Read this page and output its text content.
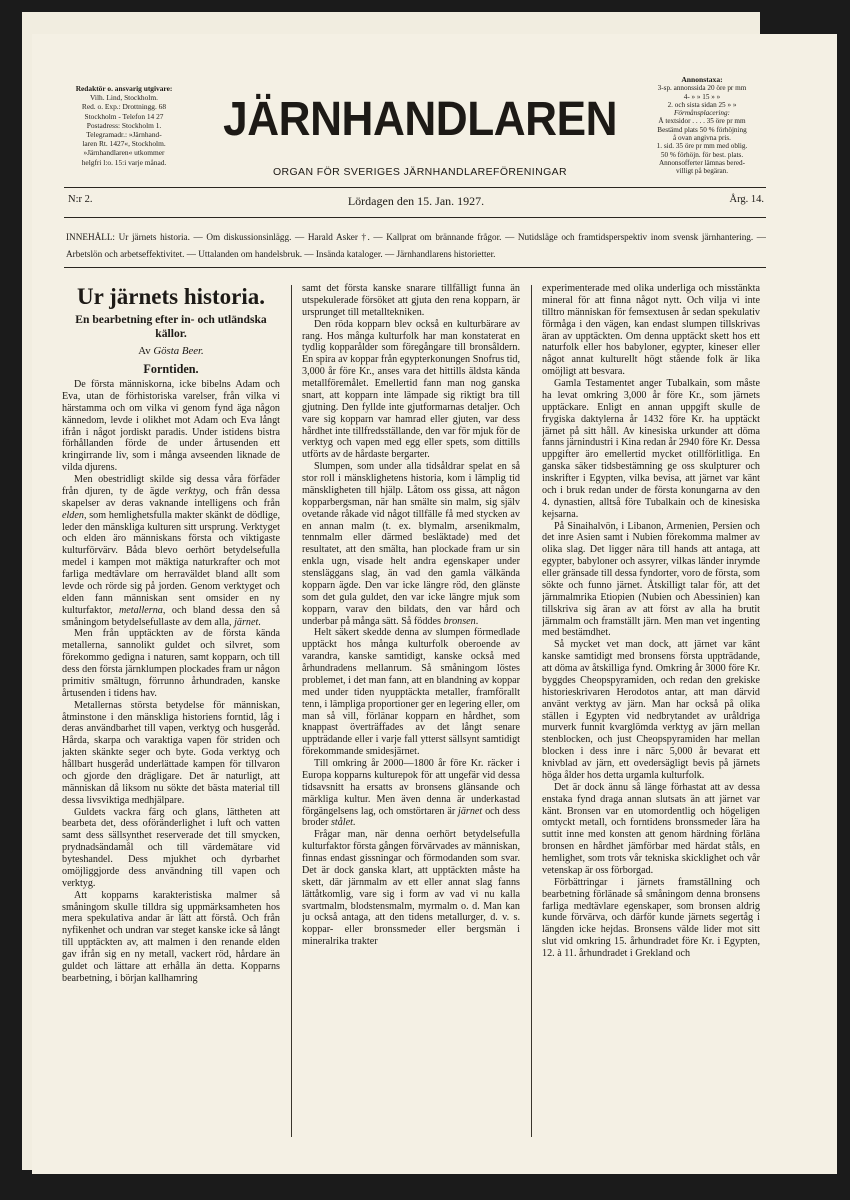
Redaktör o. ansvarig utgivare:
Vilh. Lind, Stockholm.
Red. o. Exp.: Drottningg. 68
Stockholm - Telefon 14 27
Postadress: Stockholm 1.
Telegramadr.: »Järnhand-
laren Rt. 1427«, Stockholm.
»Järnhandlaren« utkommer
helgfri l:o. 15:i varje månad.
JÄRNHANDLAREN
ORGAN FÖR SVERIGES JÄRNHANDLAREFÖRENINGAR
Annonstaxa:
3-sp. annonssida 20 öre pr mm
4- » » 15 » »
2. och sista sidan 25 » »
Förmånsplacering:
Å textsidor . . . . 35 öre pr mm
Bestämd plats 50 % förhöjning
å ovan angivna pris.
1. sid. 35 öre pr mm med oblig.
50 % förhöjn. för best. plats.
Annonsofferter lämnas bered-
villigt på begäran.
N:r 2.	Lördagen den 15. Jan. 1927.	Årg. 14.
INNEHÅLL: Ur järnets historia. — Om diskussionsinlägg. — Harald Asker †. — Kallprat om brännande frågor. — Nutidsläge och framtidsperspektiv inom svensk järnhantering. — Arbetslön och arbetseffektivitet. — Uttalanden om handelsbruk. — Insända kataloger. — Järnhandlarens historietter.
Ur järnets historia.
En bearbetning efter in- och utländska källor.
Av Gösta Beer.
Forntiden.

De första människorna, icke bibelns Adam och Eva, utan de förhistoriska varelser, från vilka vi härstamma och om vilka vi genom fynd äga någon kännedom, levde i olikhet mot Adam och Eva långt ifrån i något jordiskt paradis. Under istidens bistra förhållanden förde de under årtusenden ett kringirrande liv, som i många avseenden liknade de vilda djurens.

Men obestridligt skilde sig dessa våra förfäder från djuren, ty de ägde verktyg, och från dessa skapelser av deras vaknande intelligens och från elden, som hemlighetsfulla makter skänkt de dödlige, leder den mänskliga kulturen sitt ursprung. Verktyget och elden äro människans första och viktigaste kulturförvärv. Båda blevo oerhört betydelsefulla medel i kampen mot mäktiga naturkrafter och mot farliga medtävlare om herraväldet bland allt som levde och rörde sig på jorden. Genom verktyget och elden fann människan sent omsider en ny kulturfaktor, metallerna, och bland dessa den så småningom betydelsefullaste av dem alla, järnet.

Men från upptäckten av de första kända metallerna, sannolikt guldet och silvret, som förekommo gedigna i naturen, samt kopparn, och till dess den första järnklumpen plockades fram ur någon primitiv smältugn, förrunno århundraden, kanske årtusenden i tidens hav.

Metallernas största betydelse för människan, åtminstone i den mänskliga historiens forntid, låg i deras användbarhet till vapen, verktyg och husgeråd. Hårda, skarpa och varaktiga vapen för striden och jakten skänkte seger och byte. Goda verktyg och hållbart husgeråd underlättade kampen för tillvaron och gjorde den drägligare. Det är naturligt, att människan då liksom nu sökte det bästa material till dessa livsviktiga medhjälpare.

Guldets vackra färg och glans, lättheten att bearbeta det, dess oföränderlighet i luft och vatten samt dess sällsynthet reserverade det till smycken, prydnadsändamål och till värdemätare vid byteshandel. Dess mjukhet och dyrbarhet omöjliggjorde dess användning till vapen och verktyg.

Att kopparns karakteristiska malmer så småningom skulle tilldra sig uppmärksamheten hos mera spekulativa andar är lätt att förstå. Och från nyfikenhet och undran var steget kanske icke så långt till upptäckten av, att malmen i den renande elden gav ifrån sig en ny metall, vackert röd, hårdare än guldet och lättare att erhålla än detta. Kopparns bearbetning, i början kallhamring

samt det första kanske snarare tillfälligt funna än utspekulerade försöket att gjuta den rena kopparn, är ursprunget till metalltekniken.

Den röda kopparn blev också en kulturbärare av rang. Hos många kulturfolk har man konstaterat en tydlig kopparålder som föregångare till bronsåldern. En spira av koppar från egypterkonungen Snofrus tid, 3,000 år före Kr., anses vara det hittills äldsta kända metallföremålet. Emellertid fann man nog ganska snart, att kopparn inte lämpade sig riktigt bra till gjutning. Den fyllde inte gjutformarnas detaljer. Och vare sig kopparn var hamrad eller gjuten, var dess hårdhet inte tillfredsställande, den var för mjuk för de verktyg och vapen med egg eller spets, som dittills utförts av de hårdaste bergarter.

Slumpen, som under alla tidsåldrar spelat en så stor roll i mänsklighetens historia, kom i lämplig tid mänskligheten till hjälp. Låtom oss gissa, att någon kopparbergsman, när han smälte sin malm, sig själv ovetande råkade vid något tillfälle få med stycken av en annan malm (t. ex. blymalm, arsenikmalm, tennmalm eller därmed besläktade) med det resultatet, att den smälta, han plockade fram ur sin enkla ugn, visade helt andra egenskaper under stensläggans slag, än vad den gamla välkända kopparn ägde. Den var icke längre röd, den glänste som det gula guldet, den var icke längre mjuk som kopparn, varav den bildats, den var hård och underbar på många sätt. Så föddes bronsen.

Helt säkert skedde denna av slumpen förmedlade upptäckt hos många kulturfolk oberoende av varandra, kanske samtidigt, kanske också med århundradens mellanrum. Så småningom löstes problemet, i det man fann, att en blandning av koppar med under tiden nyupptäckta metaller, framförallt tenn, i lämpliga proportioner ger en legering eller, om man så vill, förlänar kopparn en hårdhet, som knappast överträffades av det långt senare uppträdande eller i varje fall ytterst sällsynt samtidigt förekommande smidesjärnet.

Till omkring år 2000—1800 år före Kr. räcker i Europa kopparns kulturepok för att ungefär vid dessa tidsavsnitt ha ersatts av bronsens glänsande och märkliga kultur. Men även denna är underkastad förgängelsens lag, och omstörtaren är järnet och dess broder stålet.

Frågar man, när denna oerhört betydelsefulla kulturfaktor första gången förvärvades av människan, finnas endast gissningar och förmodanden som svar. Det är dock ganska klart, att upptäckten måste ha skett, där järnmalm av ett eller annat slag fanns lättåtkomlig, vare sig i form av vad vi nu kalla svartmalm, blodstensmalm, myrmalm o. d. Man kan ju också antaga, att den tidens metallurger, d. v. s. koppar- eller bronssmeder eller bergsmän i mineralrika trakter

experimenterade med olika underliga och misstänkta mineral för att finna något nytt. Och vilja vi inte tilltro människan för femsextusen år sedan spekulativ förmåga i den vägen, kan endast slumpen tillskrivas äran av upptäckten. Om denna upptäckt skett hos ett naturfolk eller hos babyloner, egypter, kineser eller något annat kulturellt högt stående folk är lika omöjligt att besvara.

Gamla Testamentet anger Tubalkain, som måste ha levat omkring 3,000 år före Kr., som järnets upptäckare. Enligt en annan uppgift skulle de frygiska daktylerna år 1432 före Kr. ha upptäckt järnet på sitt håll. Av kinesiska urkunder att döma fanns järnindustri i Kina redan år 2940 före Kr. Dessa uppgifter äro emellertid mycket otillförlitliga. En ganska säker tidsbestämning ge oss skulpturer och inskrifter i Egypten, vilka bevisa, att järnet var känt och i bruk redan under de första konungarna av den 4. dynastien, alltså före Tubalkain och de kinesiska kejsarna.

På Sinaihalvön, i Libanon, Armenien, Persien och det inre Asien samt i Nubien förekomma malmer av olika slag. Det ligger nära till hands att antaga, att egypter, babyloner och assyrer, vilkas länder inrymde eller gränsade till dessa fyndorter, voro de första, som sökte och funno järnet. Åtskilligt talar för, att det järnmalmrika Etiopien (Nubien och Abessinien) kan tillskriva sig äran av att först av alla ha brutit järnmalm och framställt järn. Men man vet ingenting med bestämdhet.

Så mycket vet man dock, att järnet var känt kanske samtidigt med bronsens första uppträdande, att döma av åtskilliga fynd. Omkring år 3000 före Kr. byggdes Cheopspyramiden, och redan den grekiske historieskrivaren Herodotos antar, att man därvid använt verktyg av järn. Man har också på olika ställen i Egypten vid nedbrytandet av uråldriga murverk funnit kvarglömda verktyg av järn mellan stenblocken, och just Cheopspyramiden har mellan blocken i dess inre i närc 5,000 år bevarat ett knivblad av järn, ett ovedersägligt bevis på järnets höga ålder hos detta urgamla kulturfolk.

Det är dock ännu så länge förhastat att av dessa enstaka fynd draga annan slutsats än att järnet var känt. Bronsen var en utomordentlig och högeligen omtyckt metall, och forntidens bronssmeder lära ha suttit inne med konsten att genom härdning förläna bronsen en hårdhet jämförbar med härdat ståls, en hemlighet, som trots vår tekniska skicklighet och vår vetenskap är oss förborgad.

Förbättringar i järnets framställning och bearbetning förlänade så småningom denna bronsens farliga medtävlare egenskaper, som bronsen aldrig kunde förvärva, och därför kunde järnets segertåg i längden icke hejdas. Bronsens välde lider mot sitt slut vid omkring 15. århundradet före Kr. i Egypten, 12. à 11. århundradet i Grekland och
